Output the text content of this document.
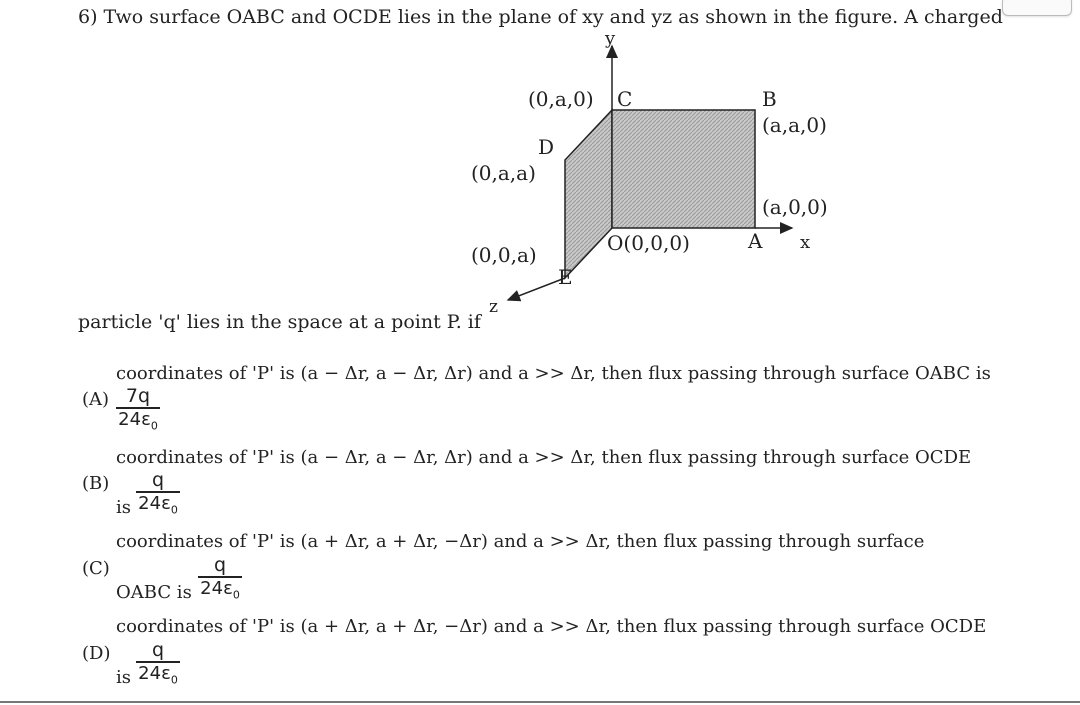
6) Two surface OABC and OCDE lies in the plane of xy and yz as shown in the figure. A charged
y
x
z
(0,a,0) C	B
(a,a,0)
D
(0,a,a)
(a,0,0)
O(0,0,0)	A
(0,0,a)
E
particle 'q' lies in the space at a point P. if
coordinates of 'P' is (a − Δr, a − Δr, Δr) and a >> Δr, then flux passing through surface OABC is
(A) 7q
$24\varepsilon_0$
coordinates of 'P' is (a − Δr, a − Δr, Δr) and a >> Δr, then flux passing through surface OCDE
(B)
is
q
$24\varepsilon_0$
coordinates of 'P' is (a + Δr, a + Δr, −Δr) and a >> Δr, then flux passing through surface
(C)
OABC is
q
$24\varepsilon_0$
coordinates of 'P' is (a + Δr, a + Δr, −Δr) and a >> Δr, then flux passing through surface OCDE
(D)
is
q
$24\varepsilon_0$
